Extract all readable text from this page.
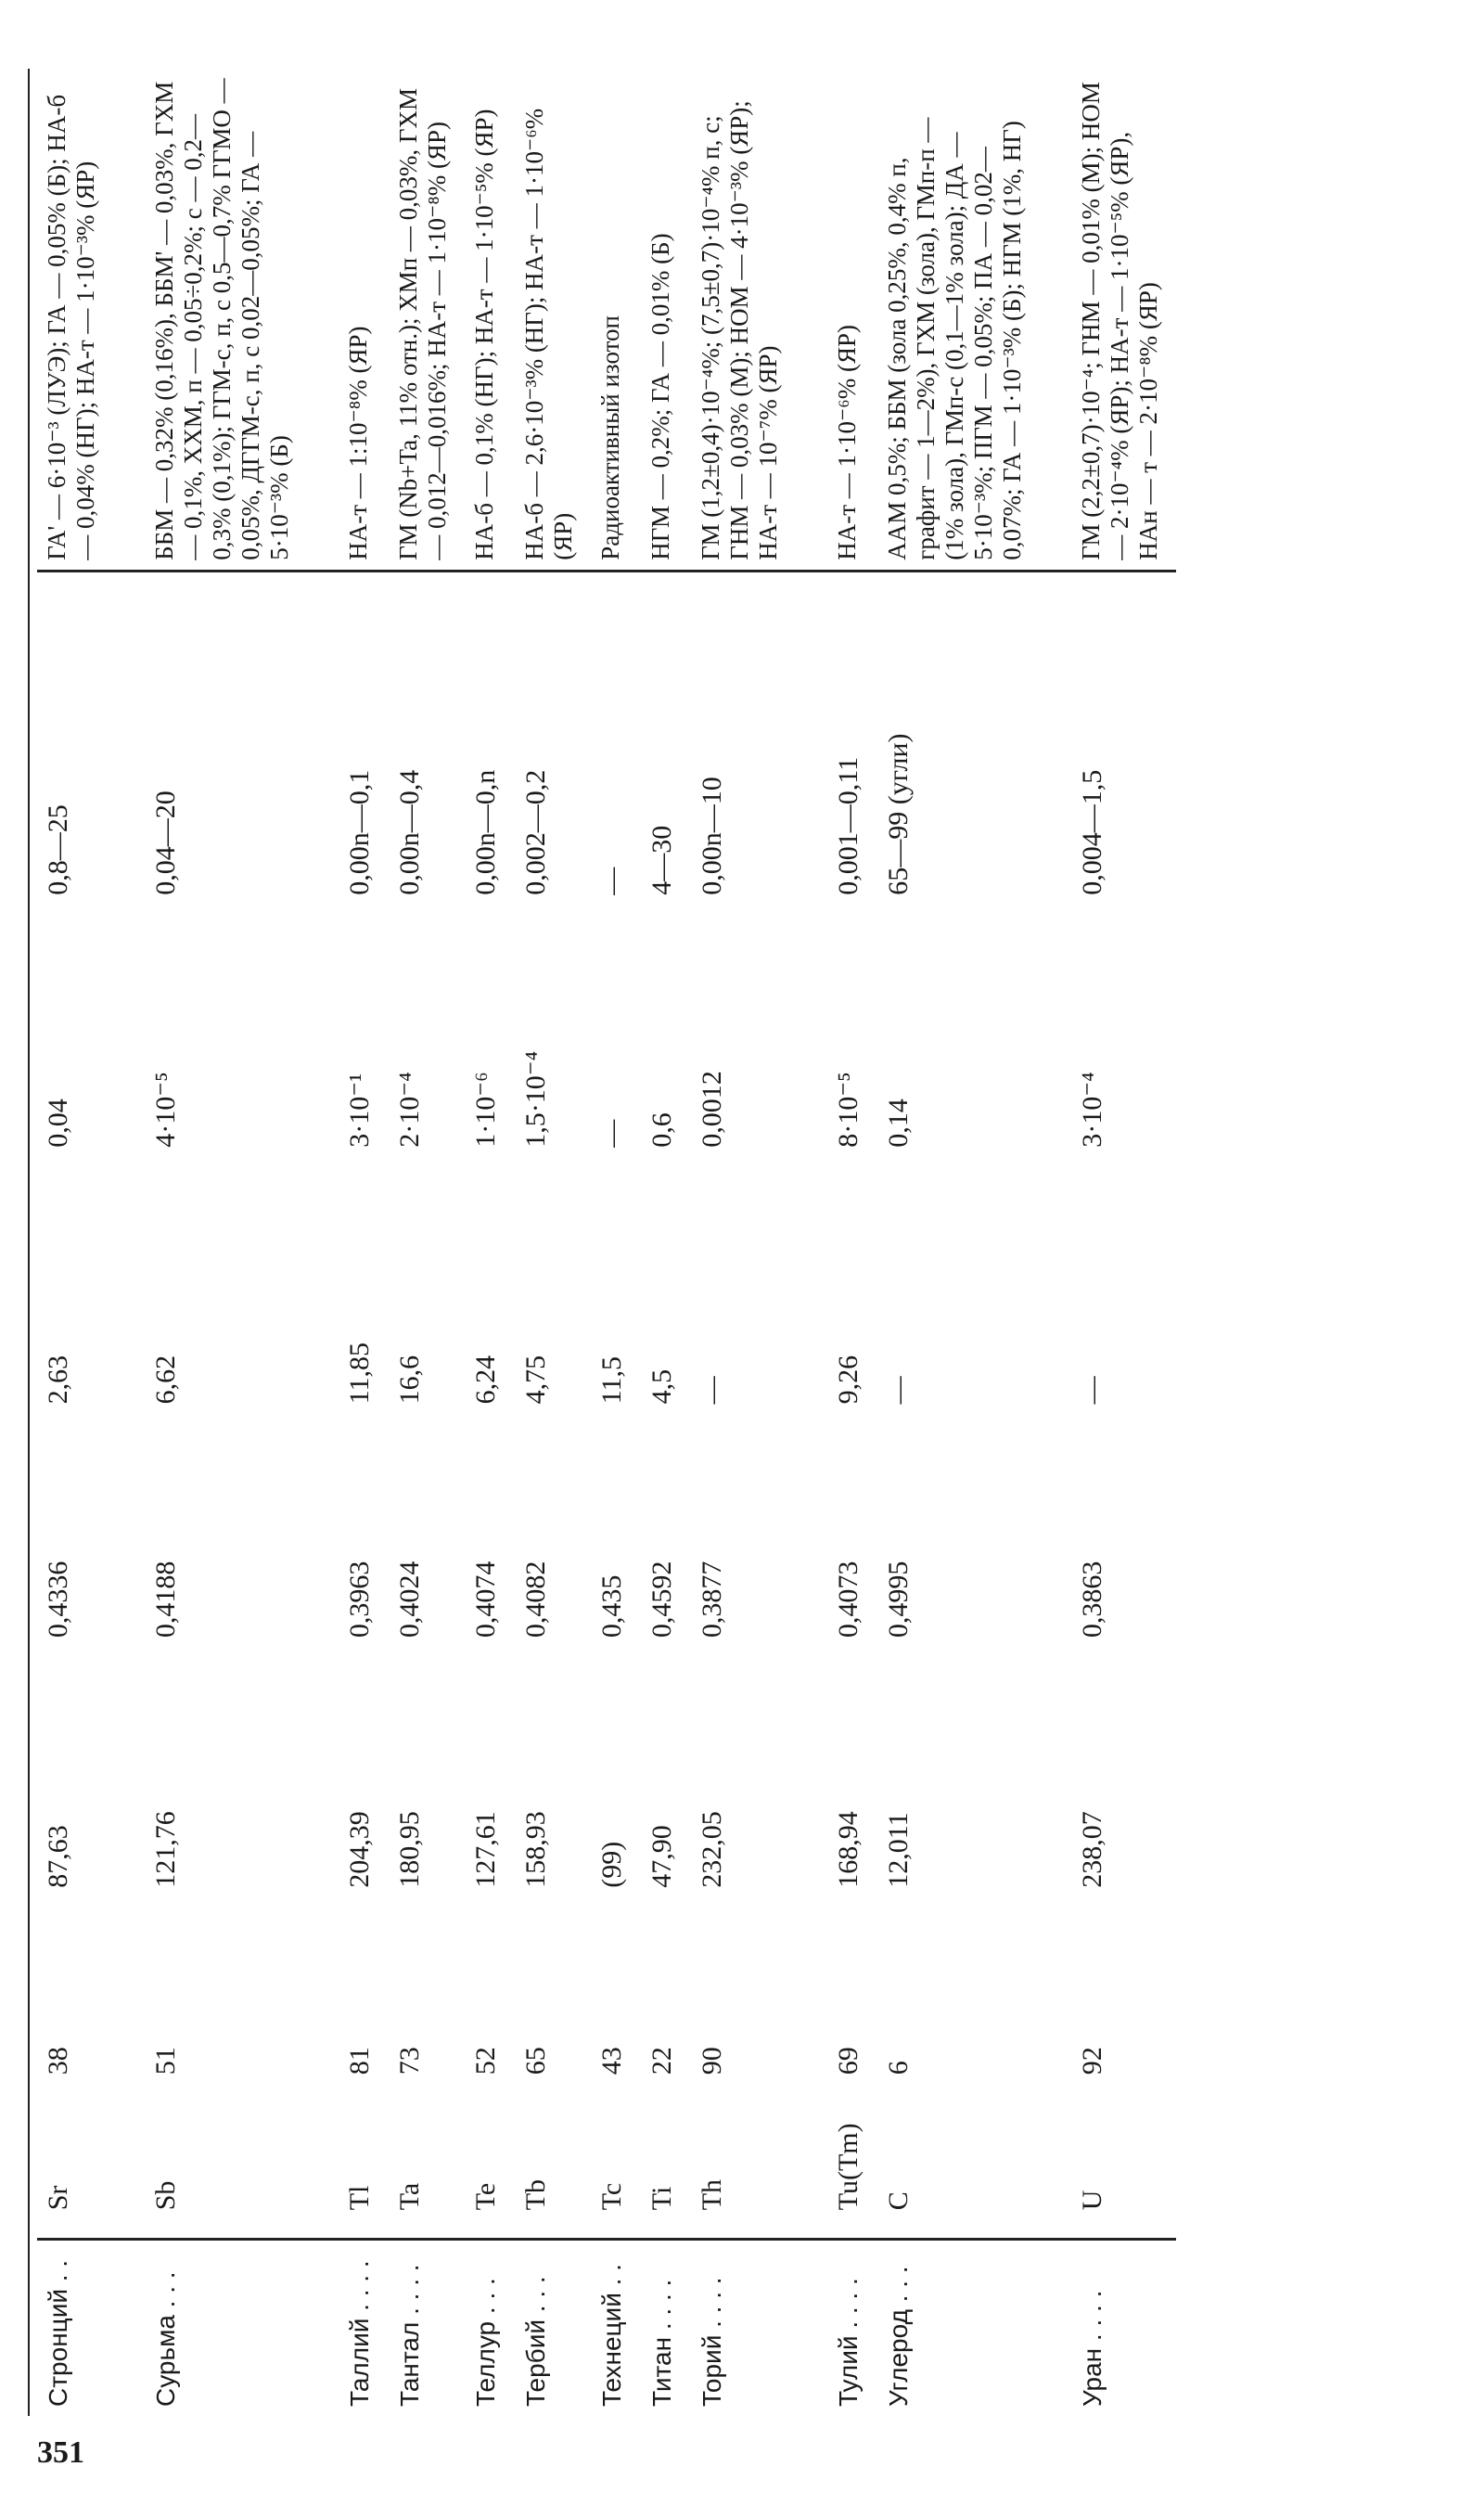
Стронций . .	Sr	38	87,63	0,4336	2,63	0,04	0,8—25	ГА' — 6·10⁻³ (ЛУЭ); ГА — 0,05% (Б); НА-б — 0,04% (НГ); НА-т — 1·10⁻³% (ЯР)
Сурьма . . .	Sb	51	121,76	0,4188	6,62	4·10⁻⁵	0,04—20	ББМ — 0,32% (0,16%), ББМ' — 0,03%, ГХМ — 0,1%, ХХМ, п — 0,05÷0,2%; с — 0,2—0,3% (0,1%); ГГМ-с, п, с 0,5—0,7% ГГМО — 0,05%, ДГГМ-с, п, с 0,02—0,05%; ГА — 5·10⁻³% (Б)
Таллий . . . .	Tl	81	204,39	0,3963	11,85	3·10⁻¹	0,00n—0,1	НА-т — 1:10⁻⁸% (ЯР)
Тантал . . . .	Ta	73	180,95	0,4024	16,6	2·10⁻⁴	0,00n—0,4	ГМ (Nb+Ta, 11% отн.); ХМп — 0,03%, ГХМ — 0,012—0,016%; НА-т — 1·10⁻⁸% (ЯР)
Теллур . . .	Te	52	127,61	0,4074	6,24	1·10⁻⁶	0,00n—0,n	НА-б — 0,1% (НГ); НА-т — 1·10⁻⁵% (ЯР)
Тербий . . .	Tb	65	158,93	0,4082	4,75	1,5·10⁻⁴	0,002—0,2	НА-б — 2,6·10⁻³% (НГ); НА-т — 1·10⁻⁶% (ЯР)
Технеций . .	Tc	43	(99)	0,435	11,5	—	—	Радиоактивный изотоп
Титан . . . .	Ti	22	47,90	0,4592	4,5	0,6	4—30	НГМ — 0,2%; ГА — 0,01% (Б)
Торий . . . .	Th	90	232,05	0,3877	—	0,0012	0,00n—10	ГМ (1,2±0,4)·10⁻⁴%; (7,5±0,7)·10⁻⁴% п, с; ГНМ — 0,03% (М); НОМ — 4·10⁻³% (ЯР); НА-т — 10⁻⁷% (ЯР)
Тулий . . . .	Tu(Tm)	69	168,94	0,4073	9,26	8·10⁻⁵	0,001—0,11	НА-т — 1·10⁻⁶% (ЯР)
Углерод . . .	C	6	12,011	0,4995	—	0,14	65—99 (угли)	ААМ 0,5%; ББМ (зола 0,25%, 0,4% п, графит — 1—2%), ГХМ (зола), ГМп-п — (1% зола), ГМп-с (0,1—1% зола); ДА — 5·10⁻³%; ПГМ — 0,05%; ПА — 0,02—0,07%; ГА — 1·10⁻³% (Б); НГМ (1%, НГ)
Уран . . . .	U	92	238,07	0,3863	—	3·10⁻⁴	0,004—1,5	ГМ (2,2±0,7)·10⁻⁴; ГНМ — 0,01% (М); НОМ — 2·10⁻⁴% (ЯР); НА-т — 1·10⁻⁵% (ЯР), НАн — т — 2·10⁻⁸% (ЯР)
351
